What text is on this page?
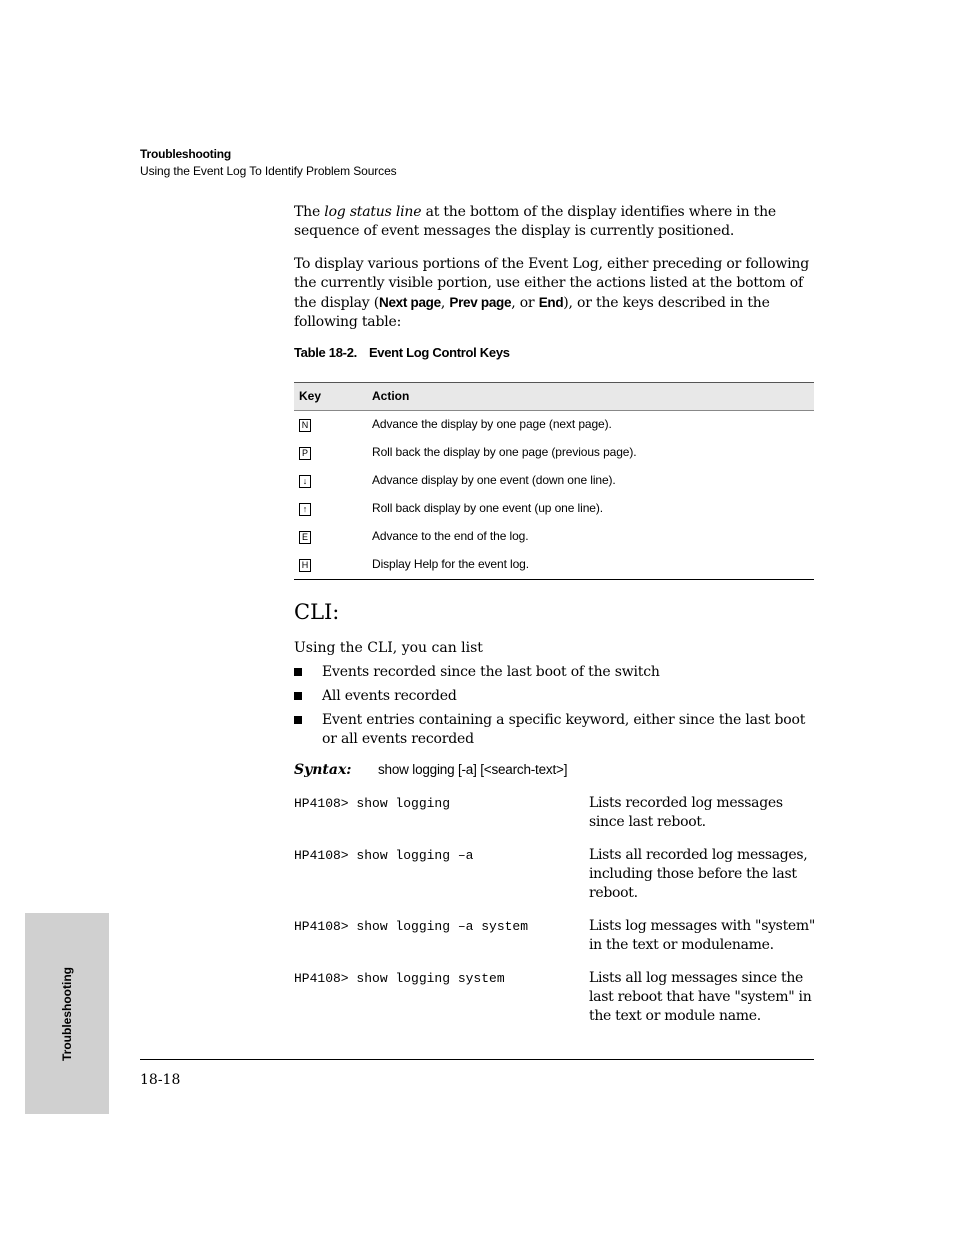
Troubleshooting
Using the Event Log To Identify Problem Sources
The log status line at the bottom of the display identifies where in the sequence of event messages the display is currently positioned.
To display various portions of the Event Log, either preceding or following the currently visible portion, use either the actions listed at the bottom of the display (Next page, Prev page, or End), or the keys described in the following table:
Table 18-2. Event Log Control Keys
Key	Action
N	Advance the display by one page (next page).
P	Roll back the display by one page (previous page).
↓	Advance display by one event (down one line).
↑	Roll back display by one event (up one line).
E	Advance to the end of the log.
H	Display Help for the event log.
CLI:
Using the CLI, you can list
Events recorded since the last boot of the switch
All events recorded
Event entries containing a specific keyword, either since the last boot or all events recorded
Syntax: show logging [-a] [<search-text>]
HP4108> show logging	Lists recorded log messages since last reboot.
HP4108> show logging –a	Lists all recorded log messages, including those before the last reboot.
HP4108> show logging –a system	Lists log messages with "system" in the text or modulename.
HP4108> show logging system	Lists all log messages since the last reboot that have "system" in the text or module name.
18-18
Troubleshooting
